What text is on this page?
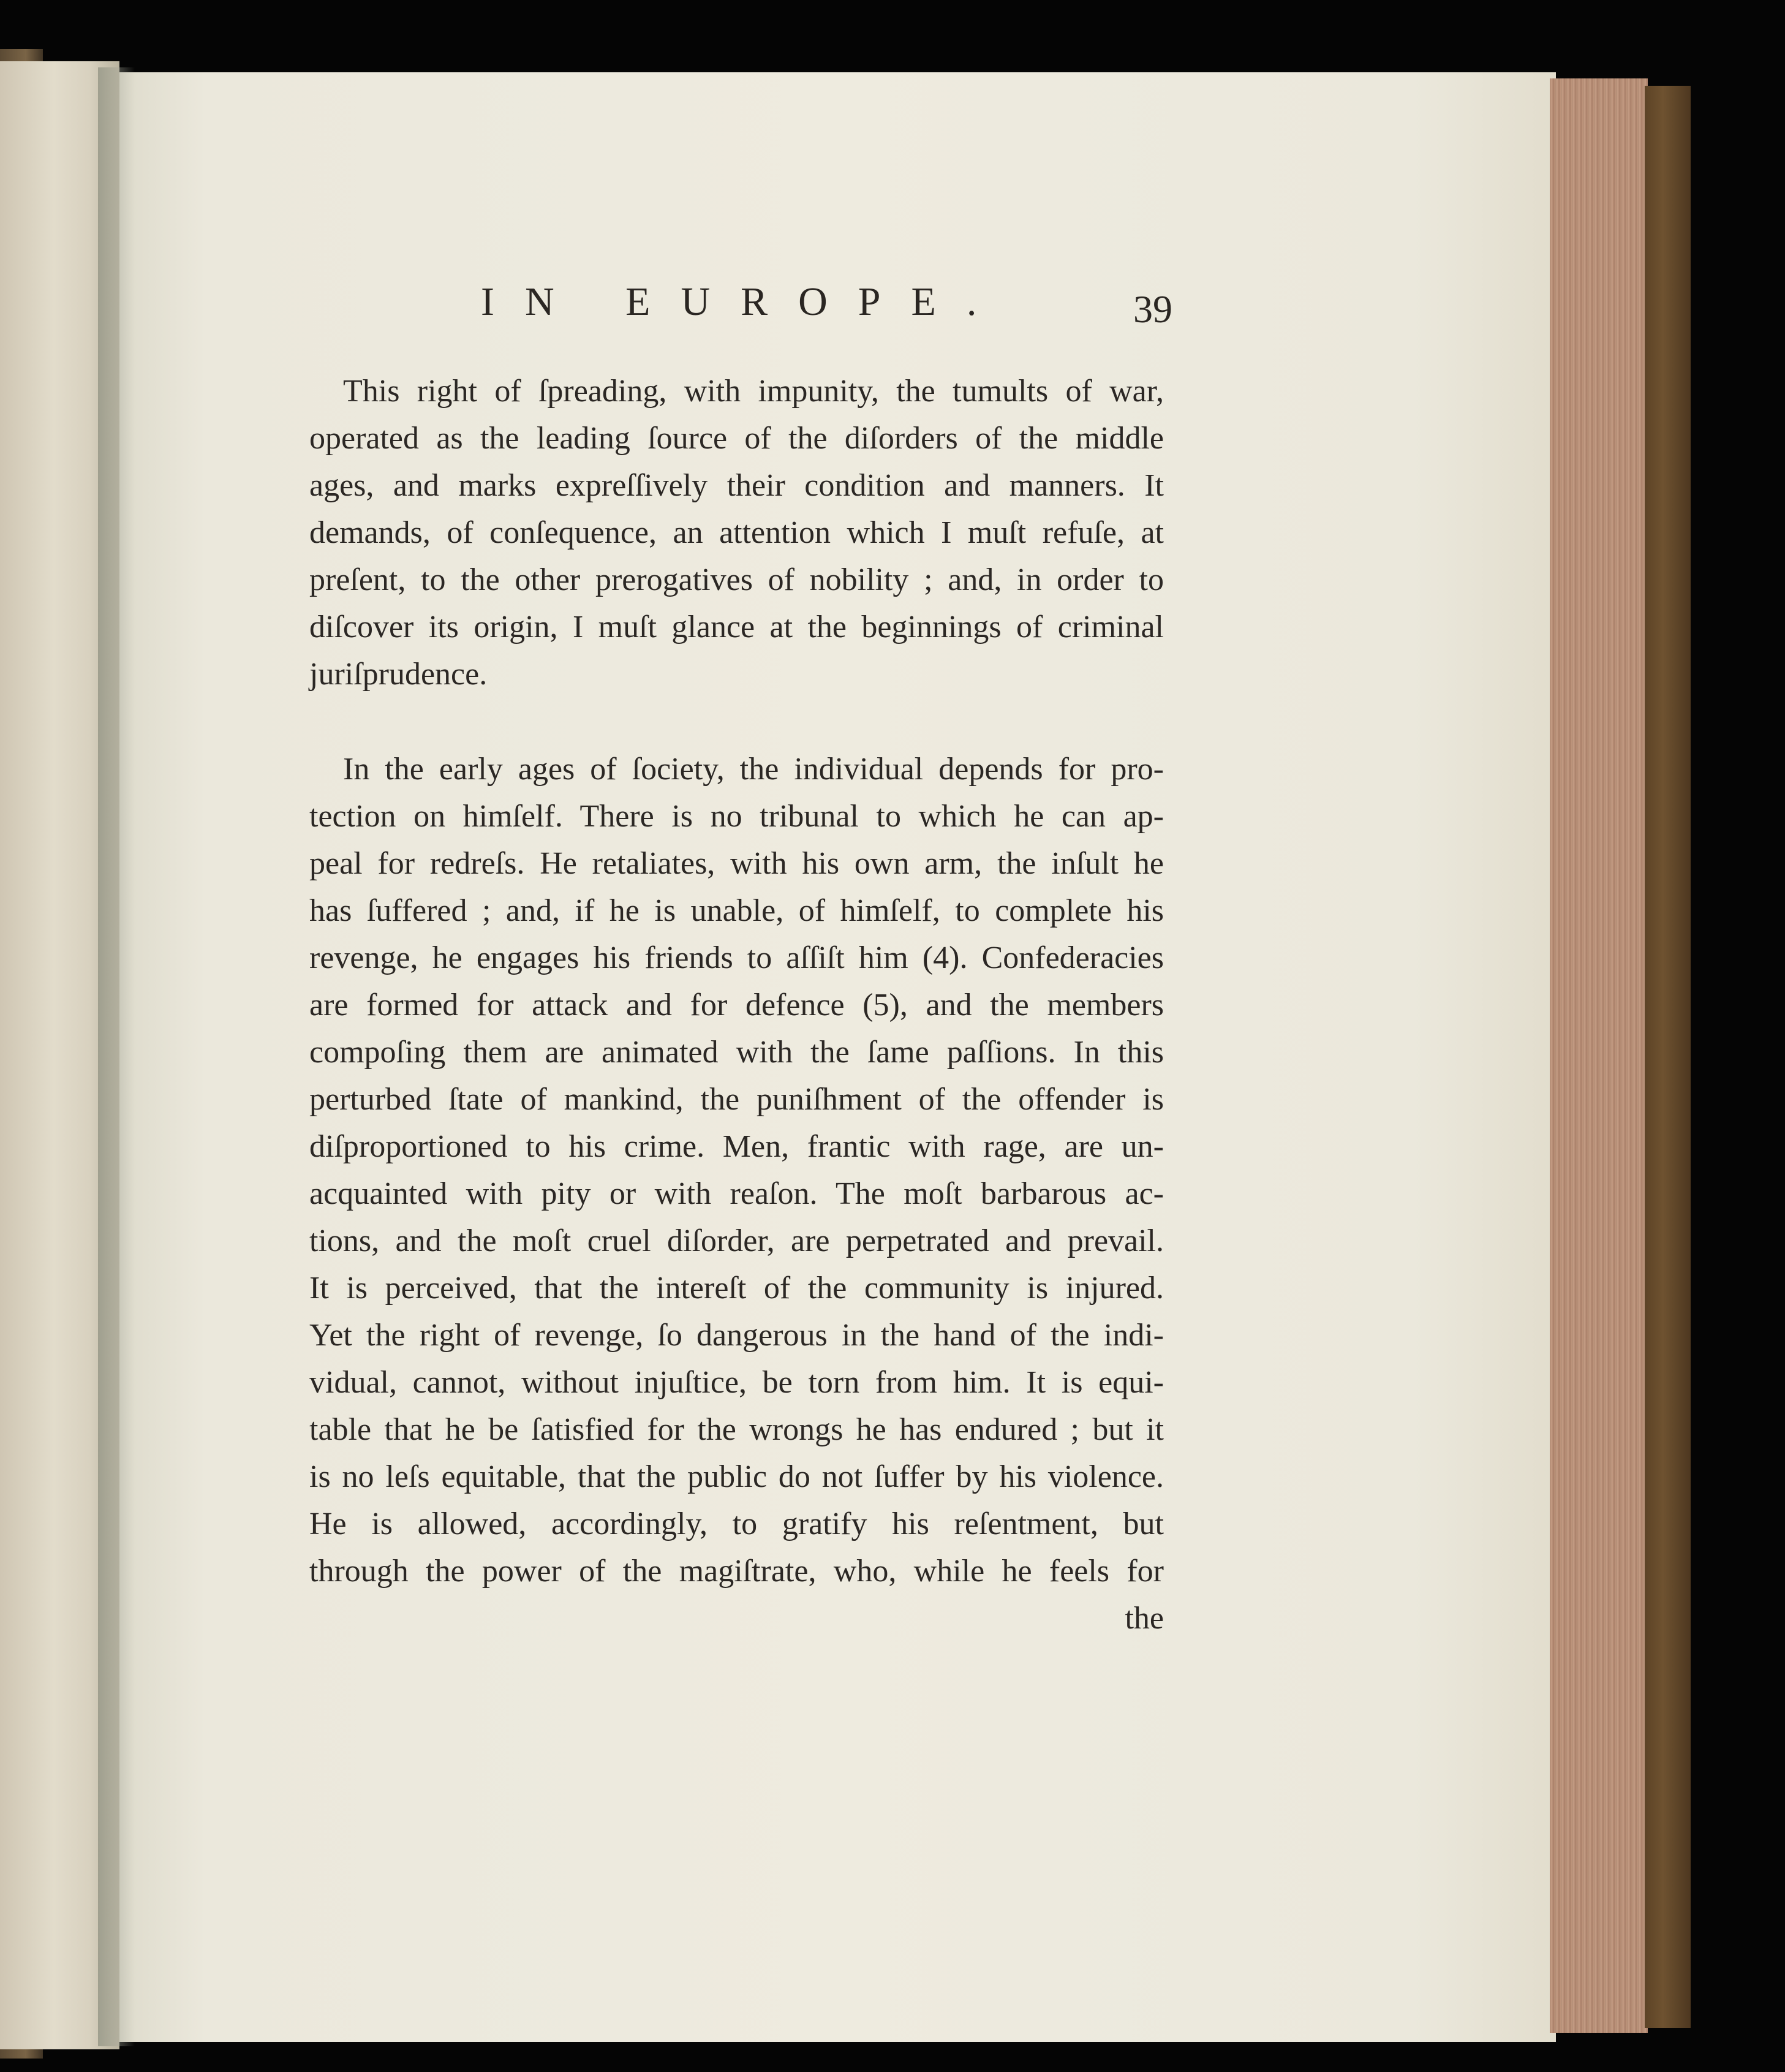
IN EUROPE.	39
This right of ſpreading, with impunity, the tumults of war,
operated as the leading ſource of the diſorders of the middle
ages, and marks expreſſively their condition and manners. It
demands, of conſequence, an attention which I muſt refuſe, at
preſent, to the other prerogatives of nobility ; and, in order to
diſcover its origin, I muſt glance at the beginnings of criminal
juriſprudence.
In the early ages of ſociety, the individual depends for pro-
tection on himſelf. There is no tribunal to which he can ap-
peal for redreſs. He retaliates, with his own arm, the inſult he
has ſuffered ; and, if he is unable, of himſelf, to complete his
revenge, he engages his friends to aſſiſt him (4). Confederacies
are formed for attack and for defence (5), and the members
compoſing them are animated with the ſame paſſions. In this
perturbed ſtate of mankind, the puniſhment of the offender is
diſproportioned to his crime. Men, frantic with rage, are un-
acquainted with pity or with reaſon. The moſt barbarous ac-
tions, and the moſt cruel diſorder, are perpetrated and prevail.
It is perceived, that the intereſt of the community is injured.
Yet the right of revenge, ſo dangerous in the hand of the indi-
vidual, cannot, without injuſtice, be torn from him. It is equi-
table that he be ſatisfied for the wrongs he has endured ; but it
is no leſs equitable, that the public do not ſuffer by his violence.
He is allowed, accordingly, to gratify his reſentment, but
through the power of the magiſtrate, who, while he feels for
the
